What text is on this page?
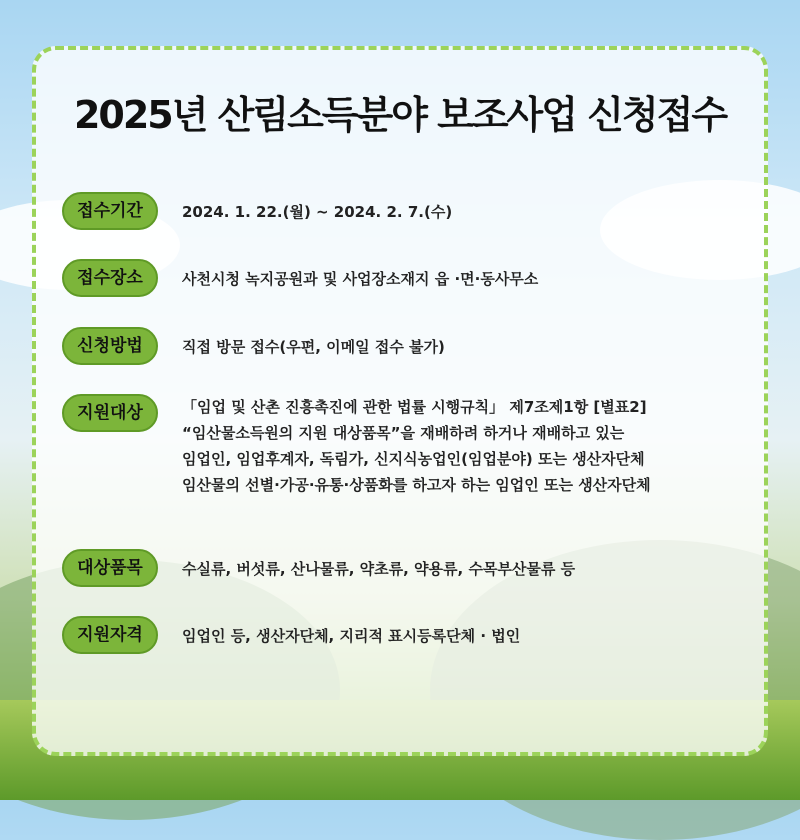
2025년 산림소득분야 보조사업 신청접수
접수기간	2024. 1. 22.(월) ~ 2024. 2. 7.(수)
접수장소	사천시청 녹지공원과 및 사업장소재지 읍 ·면·동사무소
신청방법	직접 방문 접수(우편, 이메일 접수 불가)
지원대상	「임업 및 산촌 진흥촉진에 관한 법률 시행규칙」 제7조제1항 [별표2]
“임산물소득원의 지원 대상품목”을 재배하려 하거나 재배하고 있는
임업인, 임업후계자, 독림가, 신지식농업인(임업분야) 또는 생산자단체
임산물의 선별·가공·유통·상품화를 하고자 하는 임업인 또는 생산자단체
대상품목	수실류, 버섯류, 산나물류, 약초류, 약용류, 수목부산물류 등
지원자격	임업인 등, 생산자단체, 지리적 표시등록단체 · 법인
